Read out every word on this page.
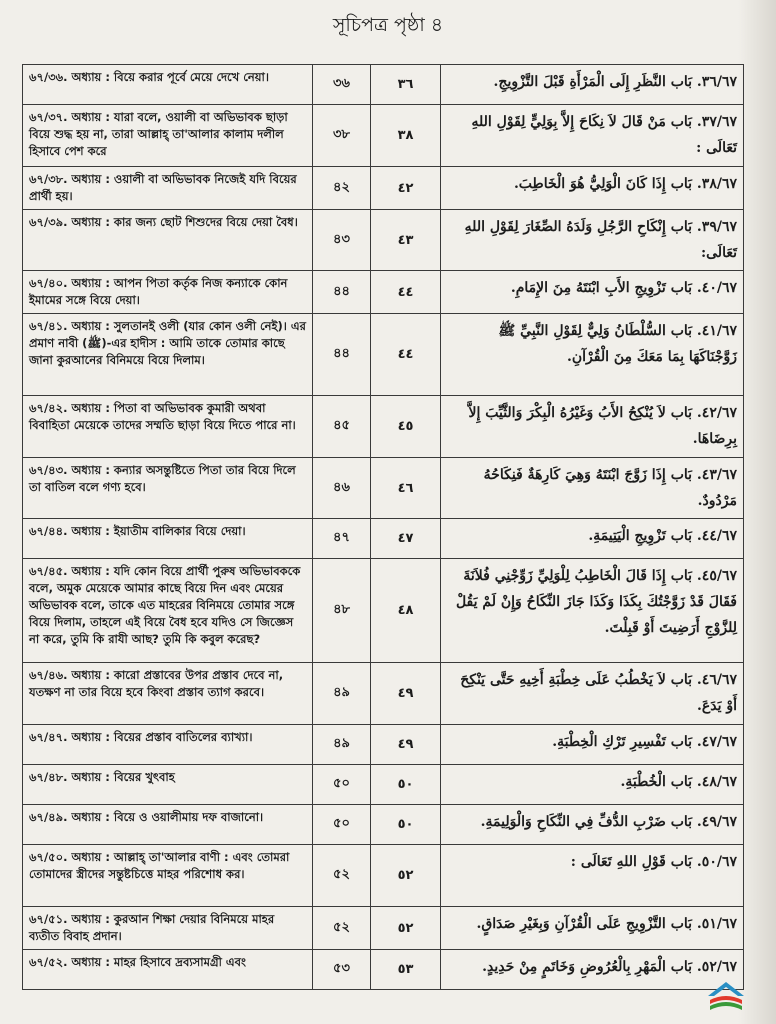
সূচিপত্র পৃষ্ঠা ৪
৬৭/৩৬. অধ্যায় : বিয়ে করার পূর্বে মেয়ে দেখে নেয়া।	৩৬	٣٦	٣٦/٦٧. بَاب النَّظَرِ إِلَى الْمَرْأَةِ قَبْلَ التَّزْوِيجِ.
৬৭/৩৭. অধ্যায় : যারা বলে, ওয়ালী বা অভিভাবক ছাড়া বিয়ে শুদ্ধ হয় না, তারা আল্লাহ্ তা'আলার কালাম দলীল হিসাবে পেশ করে	৩৮	٣٨	٣٧/٦٧. بَاب مَنْ قَالَ لاَ نِكَاحَ إِلاَّ بِوَلِيٍّ لِقَوْلِ اللهِ تَعَالَى :
৬৭/৩৮. অধ্যায় : ওয়ালী বা অভিভাবক নিজেই যদি বিয়ের প্রার্থী হয়।	৪২	٤٢	٣٨/٦٧. بَاب إِذَا كَانَ الْوَلِيُّ هُوَ الْخَاطِبَ.
৬৭/৩৯. অধ্যায় : কার জন্য ছোট শিশুদের বিয়ে দেয়া বৈধ।	৪৩	٤٣	٣٩/٦٧. بَاب إِنْكَاحِ الرَّجُلِ وَلَدَهُ الصِّغَارَ لِقَوْلِ اللهِ تَعَالَى:
৬৭/৪০. অধ্যায় : আপন পিতা কর্তৃক নিজ কন্যাকে কোন ইমামের সঙ্গে বিয়ে দেয়া।	৪৪	٤٤	٤٠/٦٧. بَاب تَزْوِيجِ الأَبِ ابْنَتَهُ مِنَ الإِمَامِ.
৬৭/৪১. অধ্যায় : সুলতানই ওলী (যার কোন ওলী নেই)। এর প্রমাণ নাবী (ﷺ)-এর হাদীস : আমি তাকে তোমার কাছে জানা কুরআনের বিনিময়ে বিয়ে দিলাম।	৪৪	٤٤	٤١/٦٧. بَاب السُّلْطَانُ وَلِيٌّ لِقَوْلِ النَّبِيِّ ﷺ زَوَّجْنَاكَهَا بِمَا مَعَكَ مِنَ الْقُرْآنِ.
৬৭/৪২. অধ্যায় : পিতা বা অভিভাবক কুমারী অথবা বিবাহিতা মেয়েকে তাদের সম্মতি ছাড়া বিয়ে দিতে পারে না।	৪৫	٤٥	٤٢/٦٧. بَاب لاَ يُنْكِحُ الأَبُ وَغَيْرُهُ الْبِكْرَ وَالثَّيِّبَ إِلاَّ بِرِضَاهَا.
৬৭/৪৩. অধ্যায় : কন্যার অসন্তুষ্টিতে পিতা তার বিয়ে দিলে তা বাতিল বলে গণ্য হবে।	৪৬	٤٦	٤٣/٦٧. بَاب إِذَا زَوَّجَ ابْنَتَهُ وَهِيَ كَارِهَةٌ فَنِكَاحُهُ مَرْدُودٌ.
৬৭/৪৪. অধ্যায় : ইয়াতীম বালিকার বিয়ে দেয়া।	৪৭	٤٧	٤٤/٦٧. بَاب تَزْوِيجِ الْيَتِيمَةِ.
৬৭/৪৫. অধ্যায় : যদি কোন বিয়ে প্রার্থী পুরুষ অভিভাবককে বলে, অমুক মেয়েকে আমার কাছে বিয়ে দিন এবং মেয়ের অভিভাবক বলে, তাকে এত মাহরের বিনিময়ে তোমার সঙ্গে বিয়ে দিলাম, তাহলে এই বিয়ে বৈধ হবে যদিও সে জিজ্ঞেস না করে, তুমি কি রাযী আছ? তুমি কি কবুল করেছ?	৪৮	٤٨	٤٥/٦٧. بَاب إِذَا قَالَ الْخَاطِبُ لِلْوَلِيِّ زَوِّجْنِي فُلاَنَةَ فَقَالَ قَدْ زَوَّجْتُكَ بِكَذَا وَكَذَا جَازَ النِّكَاحُ وَإِنْ لَمْ يَقُلْ لِلزَّوْجِ أَرَضِيتَ أَوْ قَبِلْتَ.
৬৭/৪৬. অধ্যায় : কারো প্রস্তাবের উপর প্রস্তাব দেবে না, যতক্ষণ না তার বিয়ে হবে কিংবা প্রস্তাব ত্যাগ করবে।	৪৯	٤٩	٤٦/٦٧. بَاب لاَ يَخْطُبُ عَلَى خِطْبَةِ أَخِيهِ حَتَّى يَنْكِحَ أَوْ يَدَعَ.
৬৭/৪৭. অধ্যায় : বিয়ের প্রস্তাব বাতিলের ব্যাখ্যা।	৪৯	٤٩	٤٧/٦٧. بَاب تَفْسِيرِ تَرْكِ الْخِطْبَةِ.
৬৭/৪৮. অধ্যায় : বিয়ের খুৎবাহ	৫০	٥٠	٤٨/٦٧. بَاب الْخُطْبَةِ.
৬৭/৪৯. অধ্যায় : বিয়ে ও ওয়ালীমায় দফ বাজানো।	৫০	٥٠	٤٩/٦٧. بَاب ضَرْبِ الدُّفِّ فِي النِّكَاحِ وَالْوَلِيمَةِ.
৬৭/৫০. অধ্যায় : আল্লাহ্ তা'আলার বাণী : এবং তোমরা তোমাদের স্ত্রীদের সন্তুষ্টচিত্তে মাহর পরিশোধ কর।	৫২	٥٢	٥٠/٦٧. بَاب قَوْلِ اللهِ تَعَالَى :
৬৭/৫১. অধ্যায় : কুরআন শিক্ষা দেয়ার বিনিময়ে মাহর ব্যতীত বিবাহ প্রদান।	৫২	٥٢	٥١/٦٧. بَاب التَّزْوِيجِ عَلَى الْقُرْآنِ وَبِغَيْرِ صَدَاقٍ.
৬৭/৫২. অধ্যায় : মাহর হিসাবে দ্রব্যসামগ্রী এবং	৫৩	٥٣	٥٢/٦٧. بَاب الْمَهْرِ بِالْعُرُوضِ وَخَاتَمٍ مِنْ حَدِيدٍ.
